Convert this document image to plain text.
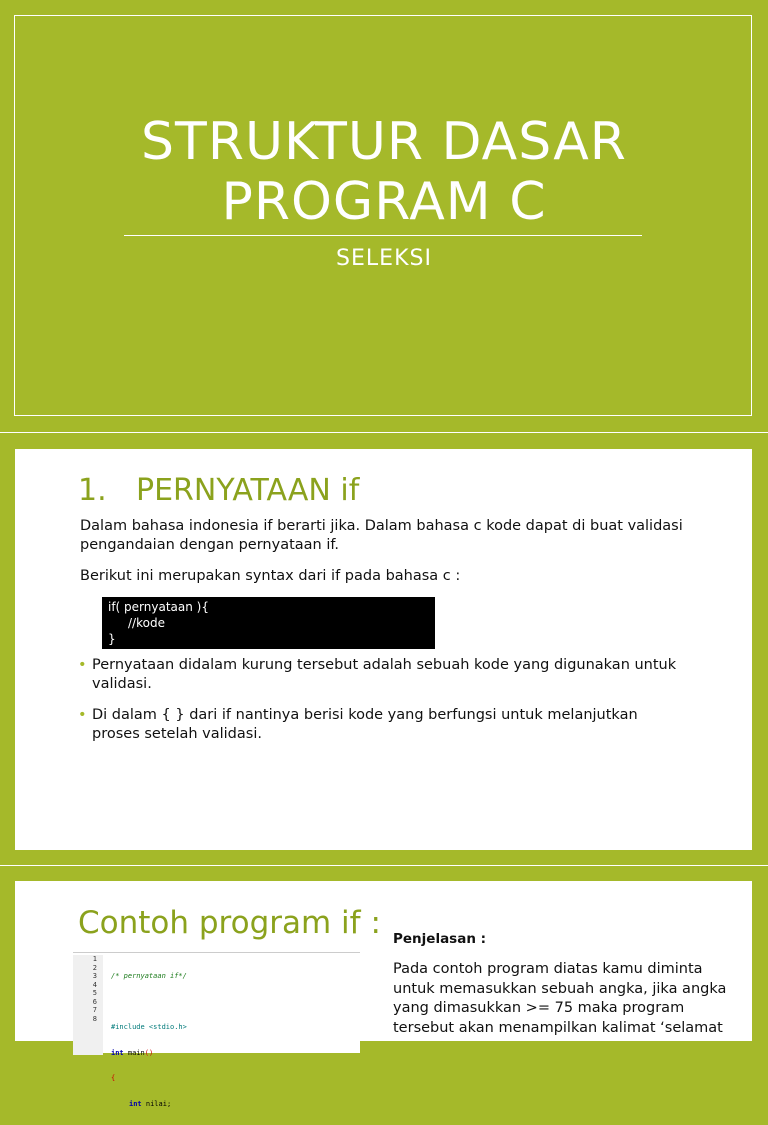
STRUKTUR DASAR
PROGRAM C
SELEKSI
1. PERNYATAAN if
Dalam bahasa indonesia if berarti jika. Dalam bahasa c kode dapat di buat validasi pengandaian dengan pernyataan if.
Berikut ini merupakan syntax dari if pada bahasa c :
if( pernyataan ){
//kode
}
• Pernyataan didalam kurung tersebut adalah sebuah kode yang digunakan untuk validasi.
• Di dalam { } dari if nantinya berisi kode yang berfungsi untuk melanjutkan proses setelah validasi.
Contoh program if :
1
2
3
4
5
6
7
8

/* pernyataan if*/

#include <stdio.h>

int main()

{

int nilai;

Penjelasan :
Pada contoh program diatas kamu diminta untuk memasukkan sebuah angka, jika angka yang dimasukkan >= 75 maka program tersebut akan menampilkan kalimat ‘selamat
